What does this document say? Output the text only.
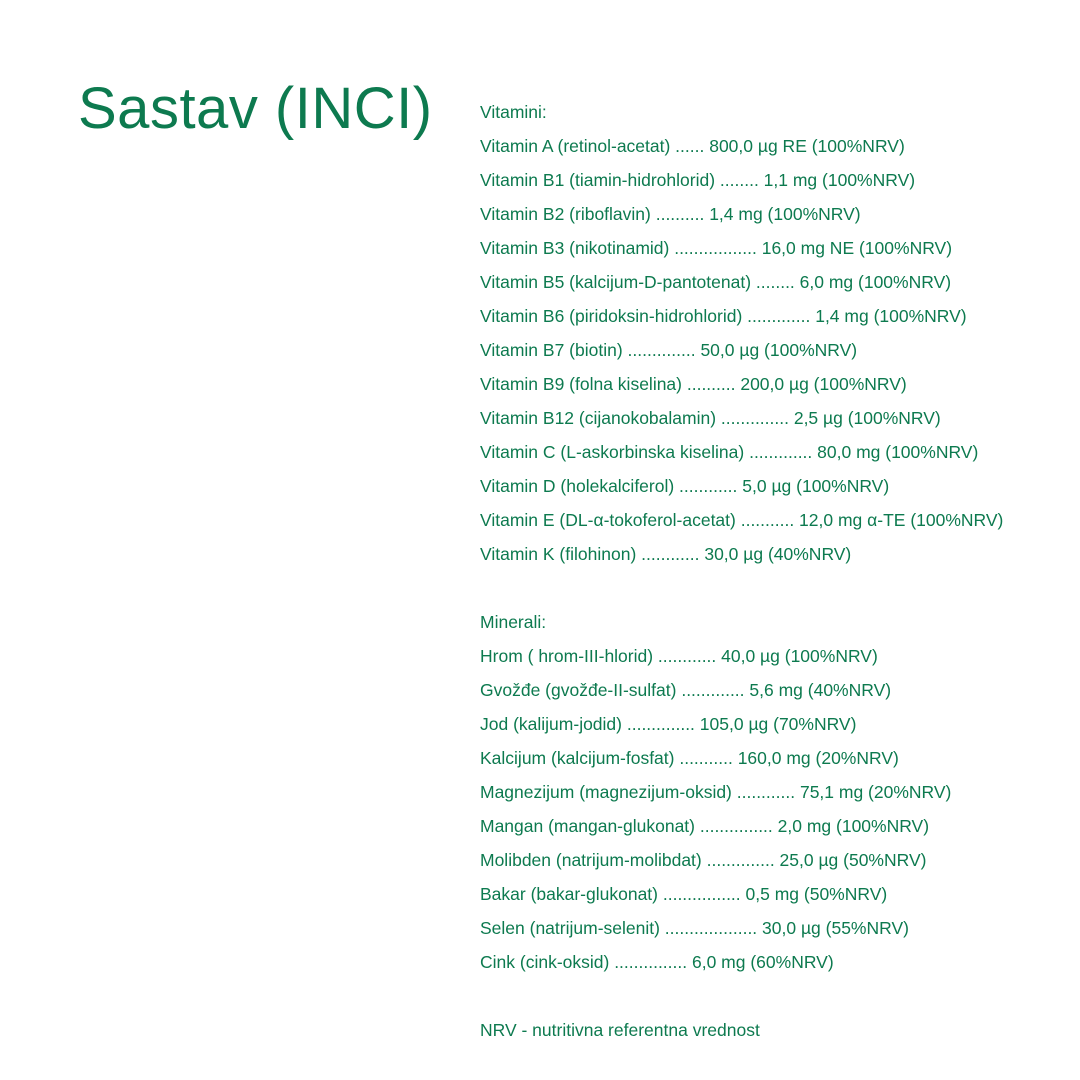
Sastav (INCI)	Vitamini:
Vitamin A (retinol-acetat) ...... 800,0 µg RE (100%NRV)
Vitamin B1 (tiamin-hidrohlorid) ........ 1,1 mg (100%NRV)
Vitamin B2 (riboflavin) .......... 1,4 mg (100%NRV)
Vitamin B3 (nikotinamid) ................. 16,0 mg NE (100%NRV)
Vitamin B5 (kalcijum-D-pantotenat) ........ 6,0 mg (100%NRV)
Vitamin B6 (piridoksin-hidrohlorid) ............. 1,4 mg (100%NRV)
Vitamin B7 (biotin) .............. 50,0 µg (100%NRV)
Vitamin B9 (folna kiselina) .......... 200,0 µg (100%NRV)
Vitamin B12 (cijanokobalamin) .............. 2,5 µg (100%NRV)
Vitamin C (L-askorbinska kiselina) ............. 80,0 mg (100%NRV)
Vitamin D (holekalciferol) ............ 5,0 µg (100%NRV)
Vitamin E (DL-α-tokoferol-acetat) ........... 12,0 mg α-TE (100%NRV)
Vitamin K (filohinon) ............ 30,0 µg (40%NRV)
Minerali:
Hrom ( hrom-III-hlorid) ............ 40,0 µg (100%NRV)
Gvožđe (gvožđe-II-sulfat) ............. 5,6 mg (40%NRV)
Jod (kalijum-jodid) .............. 105,0 µg (70%NRV)
Kalcijum (kalcijum-fosfat) ........... 160,0 mg (20%NRV)
Magnezijum (magnezijum-oksid) ............ 75,1 mg (20%NRV)
Mangan (mangan-glukonat) ............... 2,0 mg (100%NRV)
Molibden (natrijum-molibdat) .............. 25,0 µg (50%NRV)
Bakar (bakar-glukonat) ................ 0,5 mg (50%NRV)
Selen (natrijum-selenit) ................... 30,0 µg (55%NRV)
Cink (cink-oksid) ............... 6,0 mg (60%NRV)
NRV - nutritivna referentna vrednost
